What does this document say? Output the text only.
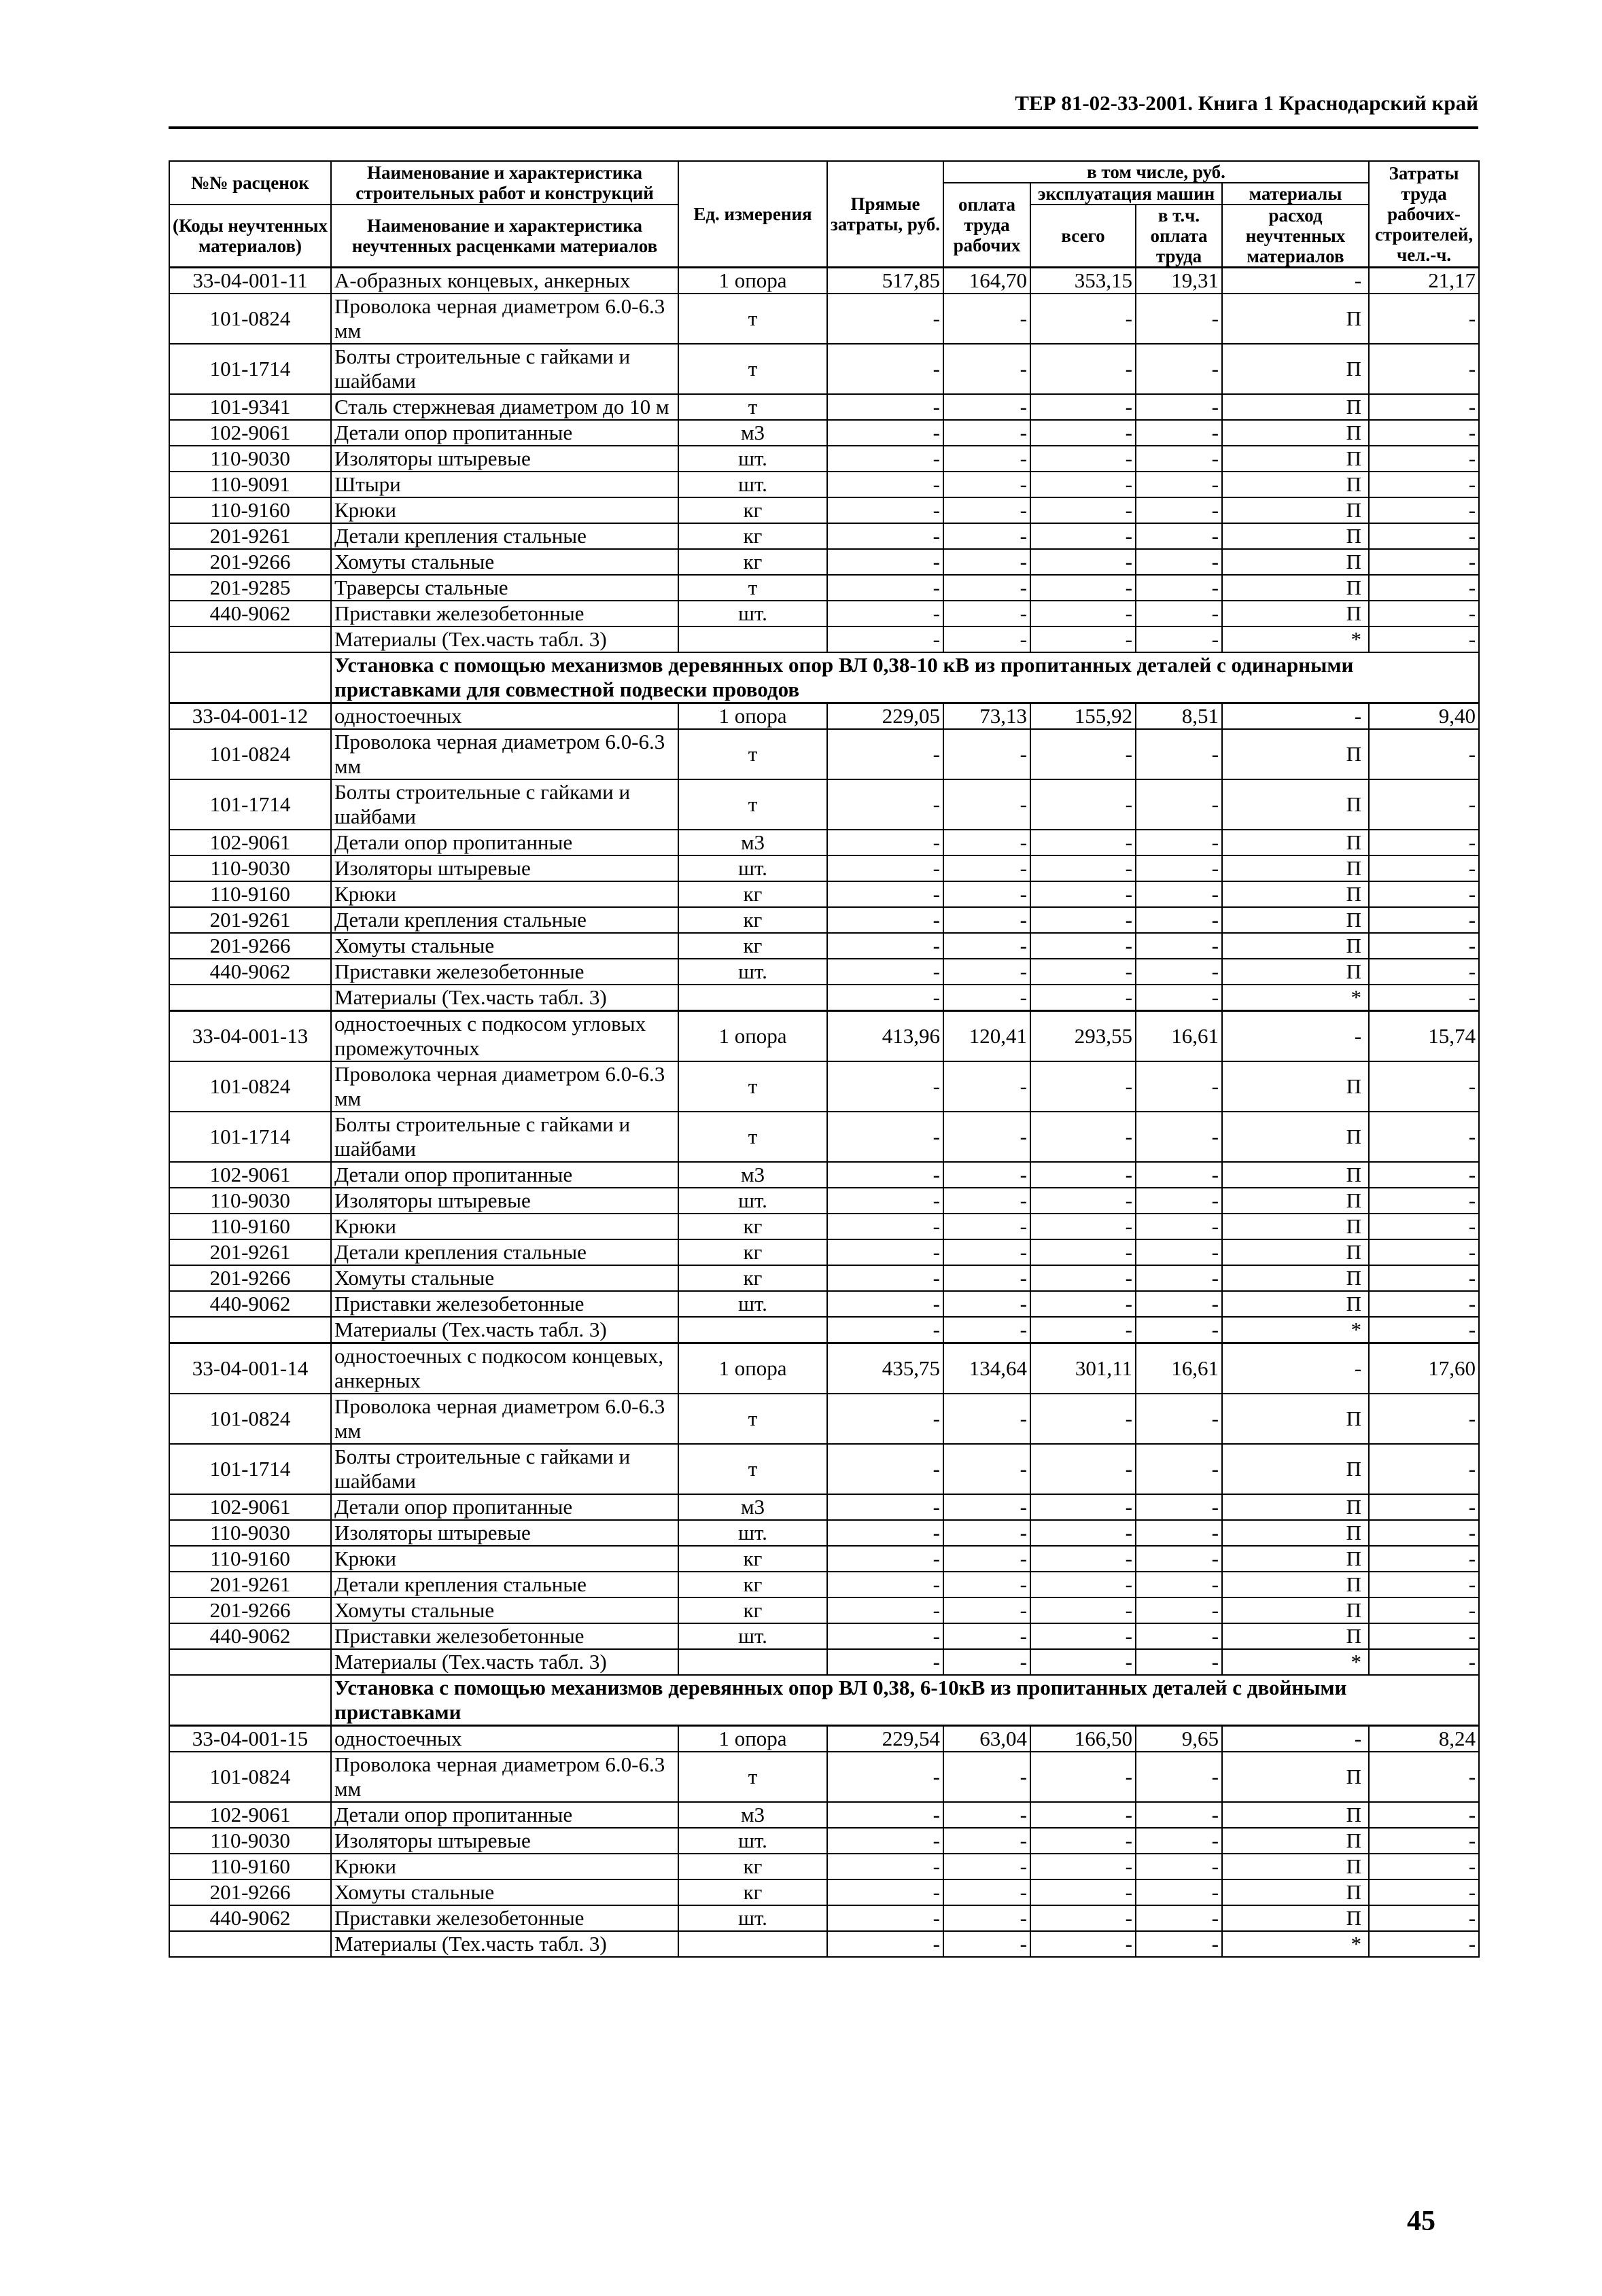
ТЕР 81-02-33-2001. Книга 1 Краснодарский край
№№ расценок	Наименование и характеристика строительных работ и конструкций	Ед. измерения	Прямые затраты, руб.	в том числе, руб.				Затраты труда рабочих-строителей, чел.-ч.
				оплата труда рабочих	эксплуатация машин		материалы	
(Коды неучтенных материалов)	Наименование и характеристика неучтенных расценками материалов				всего	в т.ч. оплата труда	расход неучтенных материалов	

33-04-001-11	А-образных концевых, анкерных	1 опора	517,85	164,70	353,15	19,31	-	21,17
101-0824	Проволока черная диаметром 6.0-6.3 мм	т	-	-	-	-	П	-
101-1714	Болты строительные с гайками и шайбами	т	-	-	-	-	П	-
101-9341	Сталь стержневая диаметром до 10 м	т	-	-	-	-	П	-
102-9061	Детали опор пропитанные	м3	-	-	-	-	П	-
110-9030	Изоляторы штыревые	шт.	-	-	-	-	П	-
110-9091	Штыри	шт.	-	-	-	-	П	-
110-9160	Крюки	кг	-	-	-	-	П	-
201-9261	Детали крепления стальные	кг	-	-	-	-	П	-
201-9266	Хомуты стальные	кг	-	-	-	-	П	-
201-9285	Траверсы стальные	т	-	-	-	-	П	-
440-9062	Приставки железобетонные	шт.	-	-	-	-	П	-
	Материалы (Тех.часть табл. 3)		-	-	-	-	*	-
	Установка с помощью механизмов деревянных опор ВЛ 0,38-10 кВ из пропитанных деталей с одинарными приставками для совместной подвески проводов							
33-04-001-12	одностоечных	1 опора	229,05	73,13	155,92	8,51	-	9,40
101-0824	Проволока черная диаметром 6.0-6.3 мм	т	-	-	-	-	П	-
101-1714	Болты строительные с гайками и шайбами	т	-	-	-	-	П	-
102-9061	Детали опор пропитанные	м3	-	-	-	-	П	-
110-9030	Изоляторы штыревые	шт.	-	-	-	-	П	-
110-9160	Крюки	кг	-	-	-	-	П	-
201-9261	Детали крепления стальные	кг	-	-	-	-	П	-
201-9266	Хомуты стальные	кг	-	-	-	-	П	-
440-9062	Приставки железобетонные	шт.	-	-	-	-	П	-
	Материалы (Тех.часть табл. 3)		-	-	-	-	*	-
33-04-001-13	одностоечных с подкосом угловых промежуточных	1 опора	413,96	120,41	293,55	16,61	-	15,74
101-0824	Проволока черная диаметром 6.0-6.3 мм	т	-	-	-	-	П	-
101-1714	Болты строительные с гайками и шайбами	т	-	-	-	-	П	-
102-9061	Детали опор пропитанные	м3	-	-	-	-	П	-
110-9030	Изоляторы штыревые	шт.	-	-	-	-	П	-
110-9160	Крюки	кг	-	-	-	-	П	-
201-9261	Детали крепления стальные	кг	-	-	-	-	П	-
201-9266	Хомуты стальные	кг	-	-	-	-	П	-
440-9062	Приставки железобетонные	шт.	-	-	-	-	П	-
	Материалы (Тех.часть табл. 3)		-	-	-	-	*	-
33-04-001-14	одностоечных с подкосом концевых, анкерных	1 опора	435,75	134,64	301,11	16,61	-	17,60
101-0824	Проволока черная диаметром 6.0-6.3 мм	т	-	-	-	-	П	-
101-1714	Болты строительные с гайками и шайбами	т	-	-	-	-	П	-
102-9061	Детали опор пропитанные	м3	-	-	-	-	П	-
110-9030	Изоляторы штыревые	шт.	-	-	-	-	П	-
110-9160	Крюки	кг	-	-	-	-	П	-
201-9261	Детали крепления стальные	кг	-	-	-	-	П	-
201-9266	Хомуты стальные	кг	-	-	-	-	П	-
440-9062	Приставки железобетонные	шт.	-	-	-	-	П	-
	Материалы (Тех.часть табл. 3)		-	-	-	-	*	-
	Установка с помощью механизмов деревянных опор ВЛ 0,38, 6-10кВ из пропитанных деталей с двойными приставками							
33-04-001-15	одностоечных	1 опора	229,54	63,04	166,50	9,65	-	8,24
101-0824	Проволока черная диаметром 6.0-6.3 мм	т	-	-	-	-	П	-
102-9061	Детали опор пропитанные	м3	-	-	-	-	П	-
110-9030	Изоляторы штыревые	шт.	-	-	-	-	П	-
110-9160	Крюки	кг	-	-	-	-	П	-
201-9266	Хомуты стальные	кг	-	-	-	-	П	-
440-9062	Приставки железобетонные	шт.	-	-	-	-	П	-
	Материалы (Тех.часть табл. 3)		-	-	-	-	*	-
45
